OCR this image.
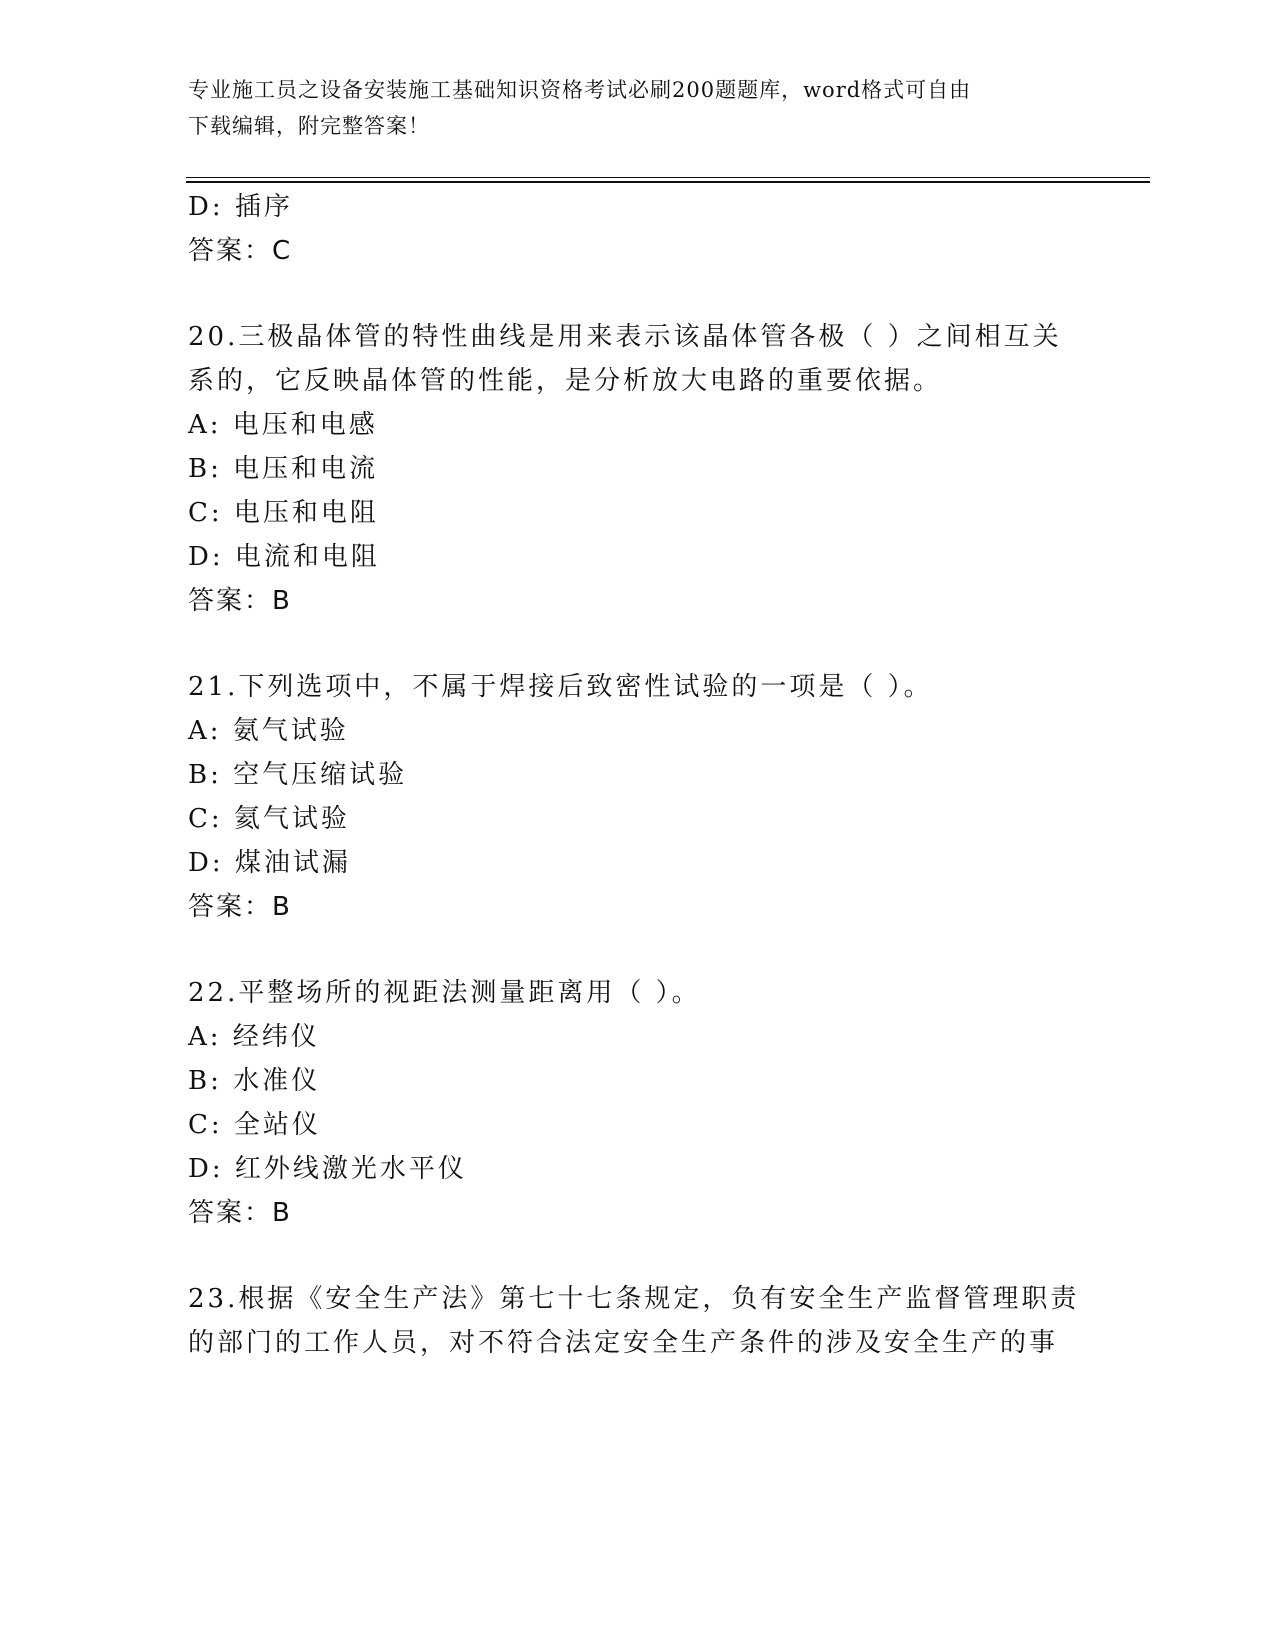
专业施工员之设备安装施工基础知识资格考试必刷200题题库，word格式可自由
下载编辑，附完整答案！
D: 插序
答案：C
20.三极晶体管的特性曲线是用来表示该晶体管各极（ ）之间相互关
系的，它反映晶体管的性能，是分析放大电路的重要依据。
A: 电压和电感
B: 电压和电流
C: 电压和电阻
D: 电流和电阻
答案：B
21.下列选项中，不属于焊接后致密性试验的一项是（ ）。
A: 氨气试验
B: 空气压缩试验
C: 氦气试验
D: 煤油试漏
答案：B
22.平整场所的视距法测量距离用（ ）。
A: 经纬仪
B: 水准仪
C: 全站仪
D: 红外线激光水平仪
答案：B
23.根据《安全生产法》第七十七条规定，负有安全生产监督管理职责
的部门的工作人员，对不符合法定安全生产条件的涉及安全生产的事
